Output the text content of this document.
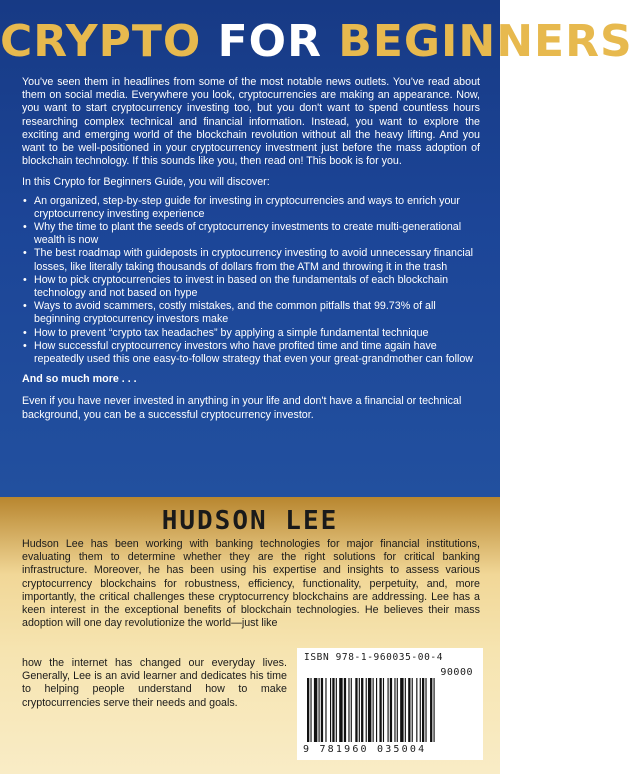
CRYPTO FOR BEGINNERS

You've seen them in headlines from some of the most notable news outlets. You've read about them on social media. Everywhere you look, cryptocurrencies are making an appearance. Now, you want to start cryptocurrency investing too, but you don't want to spend countless hours researching complex technical and financial information. Instead, you want to explore the exciting and emerging world of the blockchain revolution without all the heavy lifting. And you want to be well-positioned in your cryptocurrency investment just before the mass adoption of blockchain technology. If this sounds like you, then read on! This book is for you.

In this Crypto for Beginners Guide, you will discover:

• An organized, step-by-step guide for investing in cryptocurrencies and ways to enrich your cryptocurrency investing experience
• Why the time to plant the seeds of cryptocurrency investments to create multi-generational wealth is now
• The best roadmap with guideposts in cryptocurrency investing to avoid unnecessary financial losses, like literally taking thousands of dollars from the ATM and throwing it in the trash
• How to pick cryptocurrencies to invest in based on the fundamentals of each blockchain technology and not based on hype
• Ways to avoid scammers, costly mistakes, and the common pitfalls that 99.73% of all beginning cryptocurrency investors make
• How to prevent “crypto tax headaches” by applying a simple fundamental technique
• How successful cryptocurrency investors who have profited time and time again have repeatedly used this one easy-to-follow strategy that even your great-grandmother can follow

And so much more . . .

Even if you have never invested in anything in your life and don't have a financial or technical background, you can be a successful cryptocurrency investor.

HUDSON LEE

Hudson Lee has been working with banking technologies for major financial institutions, evaluating them to determine whether they are the right solutions for critical banking infrastructure. Moreover, he has been using his expertise and insights to assess various cryptocurrency blockchains for robustness, efficiency, functionality, perpetuity, and, more importantly, the critical challenges these cryptocurrency blockchains are addressing. Lee has a keen interest in the exceptional benefits of blockchain technologies. He believes their mass adoption will one day revolutionize the world—just like

how the internet has changed our everyday lives. Generally, Lee is an avid learner and dedicates his time to helping people understand how to make cryptocurrencies serve their needs and goals.

ISBN 978-1-960035-00-4
90000
9 781960 035004
